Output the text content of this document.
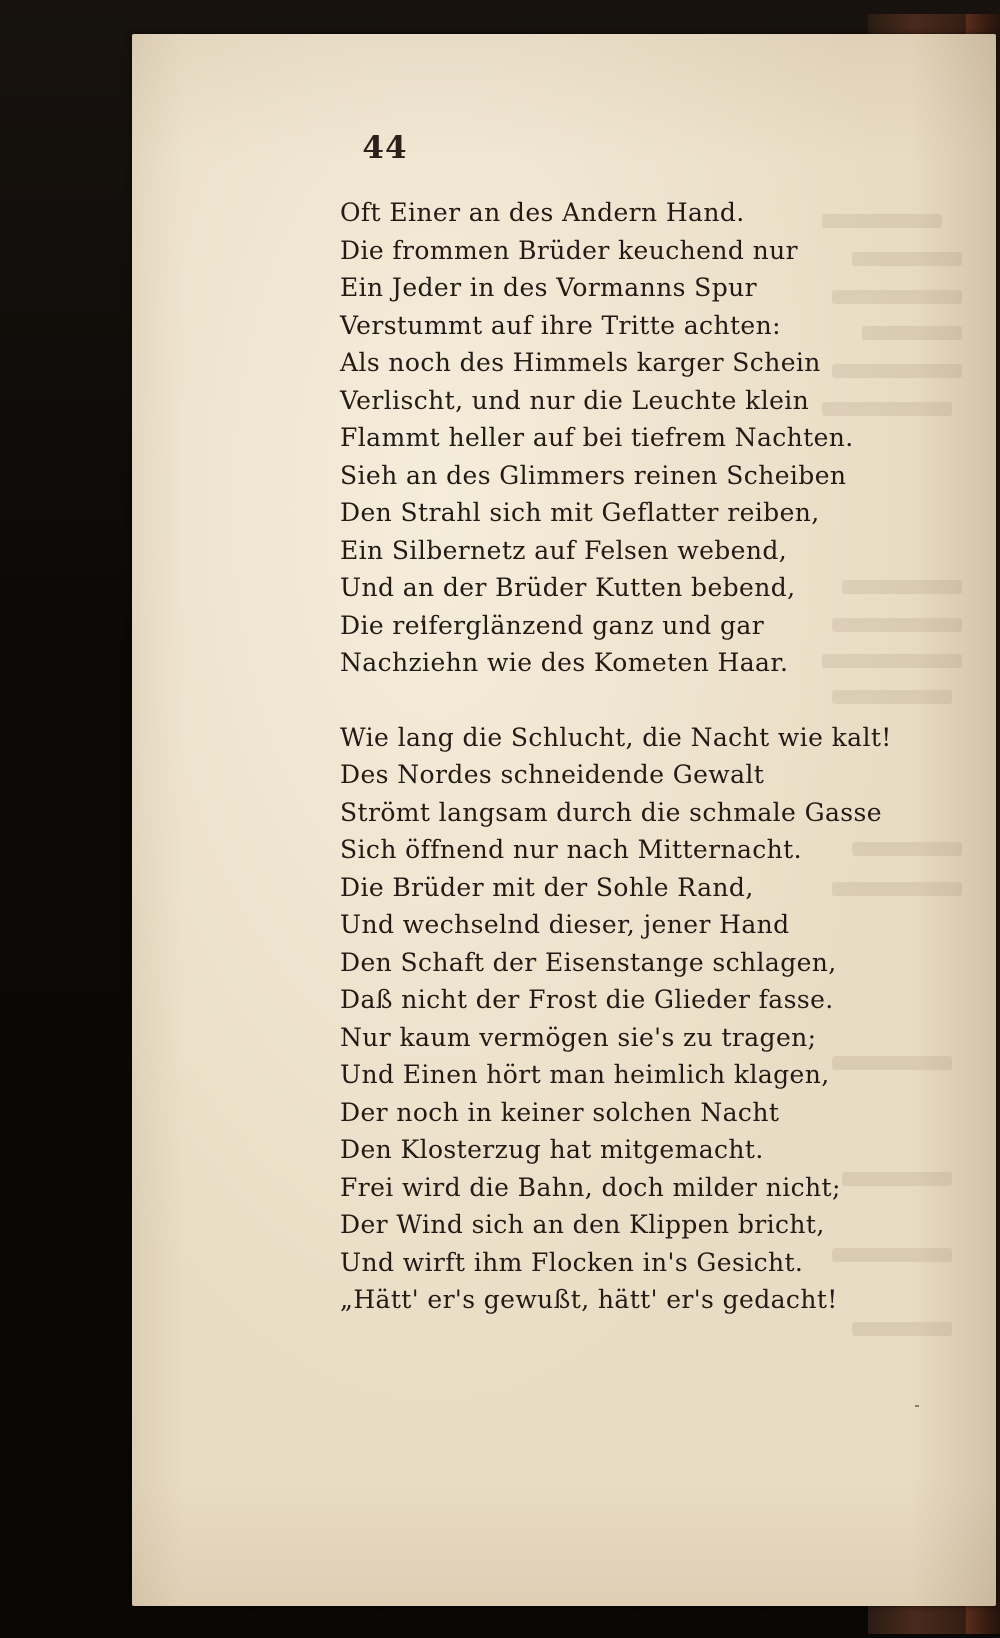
44
Oft Einer an des Andern Hand.
Die frommen Brüder keuchend nur
Ein Jeder in des Vormanns Spur
Verstummt auf ihre Tritte achten:
Als noch des Himmels karger Schein
Verlischt, und nur die Leuchte klein
Flammt heller auf bei tiefrem Nachten.
Sieh an des Glimmers reinen Scheiben
Den Strahl sich mit Geflatter reiben,
Ein Silbernetz auf Felsen webend,
Und an der Brüder Kutten bebend,
Die reiferglänzend ganz und gar
Nachziehn wie des Kometen Haar.
Wie lang die Schlucht, die Nacht wie kalt!
Des Nordes schneidende Gewalt
Strömt langsam durch die schmale Gasse
Sich öffnend nur nach Mitternacht.
Die Brüder mit der Sohle Rand,
Und wechselnd dieser, jener Hand
Den Schaft der Eisenstange schlagen,
Daß nicht der Frost die Glieder fasse.
Nur kaum vermögen sie's zu tragen;
Und Einen hört man heimlich klagen,
Der noch in keiner solchen Nacht
Den Klosterzug hat mitgemacht.
Frei wird die Bahn, doch milder nicht;
Der Wind sich an den Klippen bricht,
Und wirft ihm Flocken in's Gesicht.
„Hätt' er's gewußt, hätt' er's gedacht!
